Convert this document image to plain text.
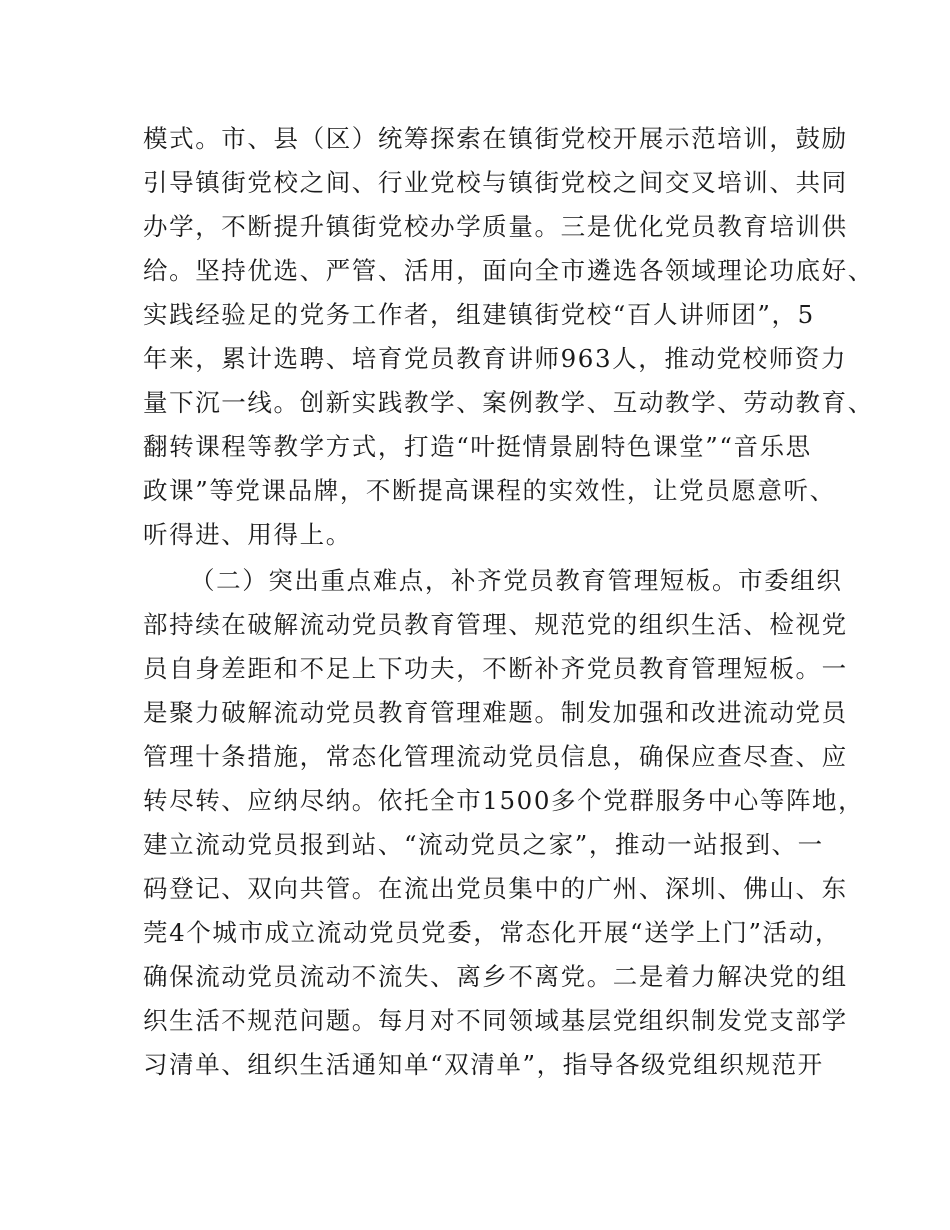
模式。市、县（区）统筹探索在镇街党校开展示范培训，鼓励
引导镇街党校之间、行业党校与镇街党校之间交叉培训、共同
办学，不断提升镇街党校办学质量。三是优化党员教育培训供
给。坚持优选、严管、活用，面向全市遴选各领域理论功底好、
实践经验足的党务工作者，组建镇街党校“百人讲师团”，5
年来，累计选聘、培育党员教育讲师963人，推动党校师资力
量下沉一线。创新实践教学、案例教学、互动教学、劳动教育、
翻转课程等教学方式，打造“叶挺情景剧特色课堂”“音乐思
政课”等党课品牌，不断提高课程的实效性，让党员愿意听、
听得进、用得上。
（二）突出重点难点，补齐党员教育管理短板。市委组织
部持续在破解流动党员教育管理、规范党的组织生活、检视党
员自身差距和不足上下功夫，不断补齐党员教育管理短板。一
是聚力破解流动党员教育管理难题。制发加强和改进流动党员
管理十条措施，常态化管理流动党员信息，确保应查尽查、应
转尽转、应纳尽纳。依托全市1500多个党群服务中心等阵地，
建立流动党员报到站、“流动党员之家”，推动一站报到、一
码登记、双向共管。在流出党员集中的广州、深圳、佛山、东
莞4个城市成立流动党员党委，常态化开展“送学上门”活动，
确保流动党员流动不流失、离乡不离党。二是着力解决党的组
织生活不规范问题。每月对不同领域基层党组织制发党支部学
习清单、组织生活通知单“双清单”，指导各级党组织规范开
